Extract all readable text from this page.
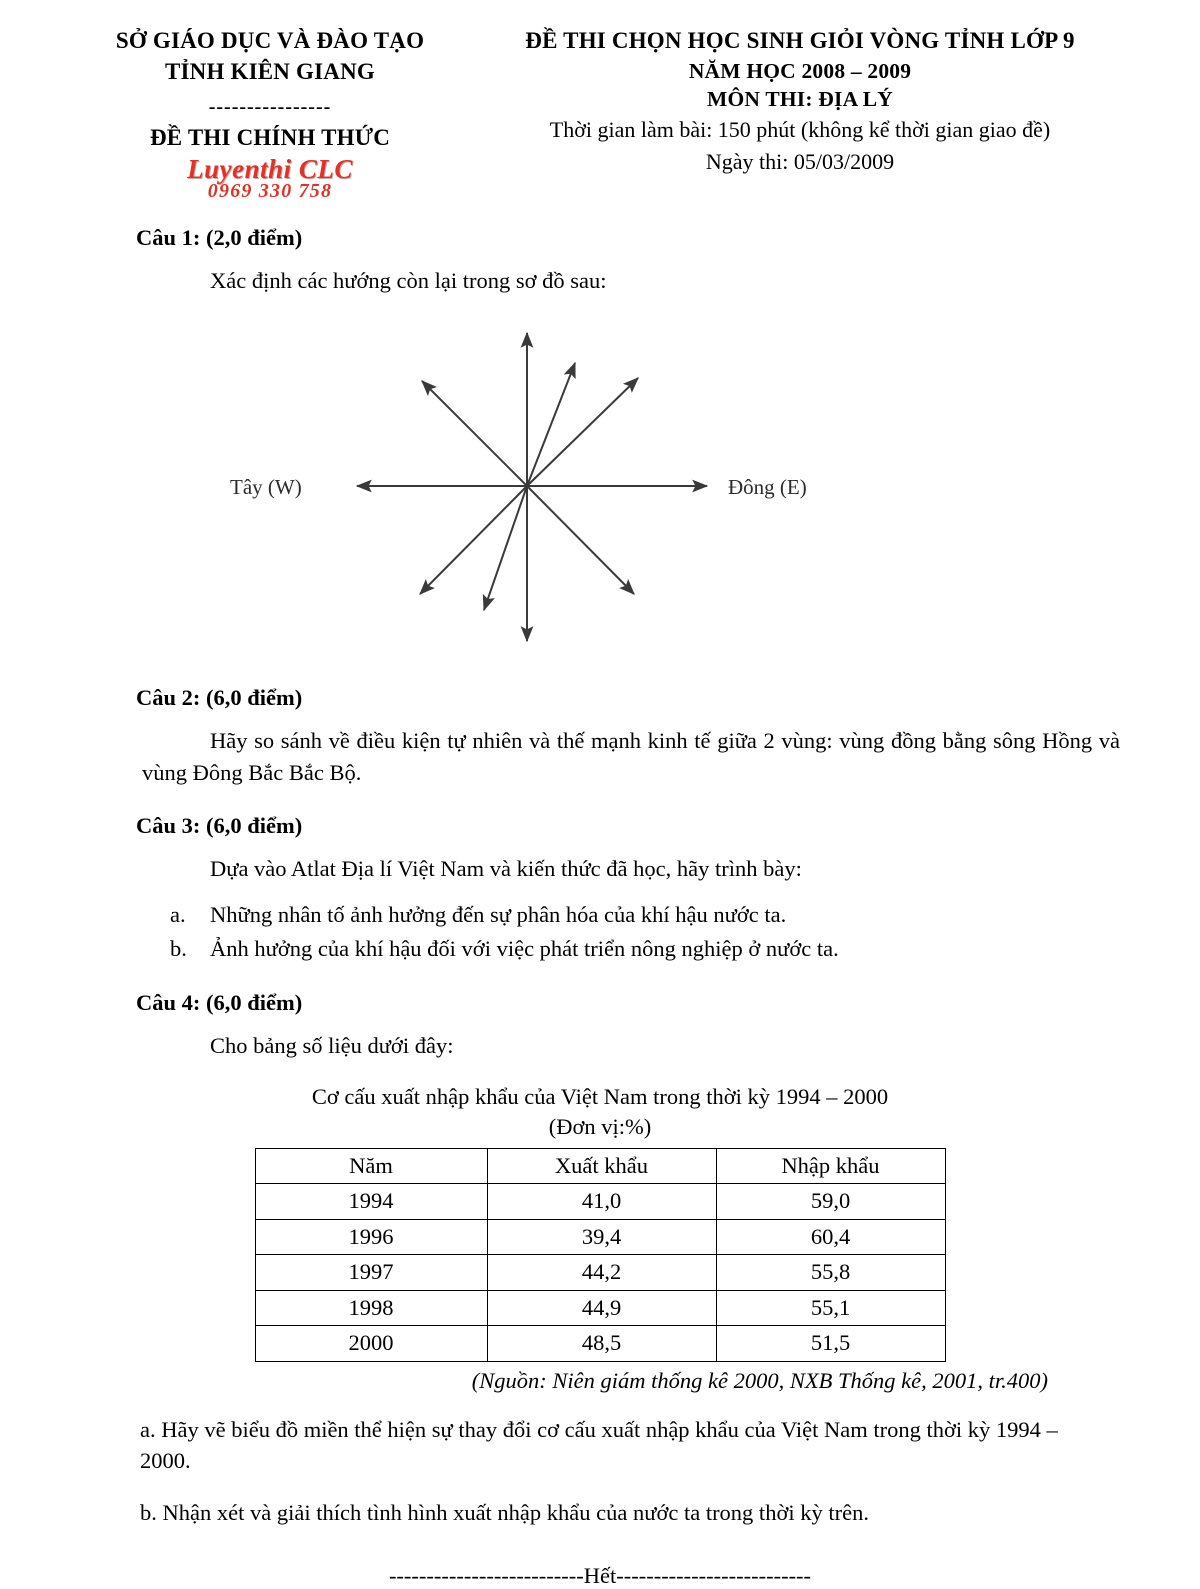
SỞ GIÁO DỤC VÀ ĐÀO TẠO
TỈNH KIÊN GIANG
----------------
ĐỀ THI CHÍNH THỨC
Luyenthi CLC
0969 330 758
ĐỀ THI CHỌN HỌC SINH GIỎI VÒNG TỈNH LỚP 9
NĂM HỌC 2008 – 2009
MÔN THI: ĐỊA LÝ
Thời gian làm bài: 150 phút (không kể thời gian giao đề)
Ngày thi: 05/03/2009
Câu 1: (2,0 điểm)
Xác định các hướng còn lại trong sơ đồ sau:
Tây (W)	Đông (E)
Câu 2: (6,0 điểm)
Hãy so sánh về điều kiện tự nhiên và thế mạnh kinh tế giữa 2 vùng: vùng đồng bằng sông Hồng và vùng Đông Bắc Bắc Bộ.
Câu 3: (6,0 điểm)
Dựa vào Atlat Địa lí Việt Nam và kiến thức đã học, hãy trình bày:
a.	Những nhân tố ảnh hưởng đến sự phân hóa của khí hậu nước ta.
b.	Ảnh hưởng của khí hậu đối với việc phát triển nông nghiệp ở nước ta.
Câu 4: (6,0 điểm)
Cho bảng số liệu dưới đây:
Cơ cấu xuất nhập khẩu của Việt Nam trong thời kỳ 1994 – 2000
(Đơn vị:%)
Năm	Xuất khẩu	Nhập khẩu
1994	41,0	59,0
1996	39,4	60,4
1997	44,2	55,8
1998	44,9	55,1
2000	48,5	51,5
(Nguồn: Niên giám thống kê 2000, NXB Thống kê, 2001, tr.400)
a. Hãy vẽ biểu đồ miền thể hiện sự thay đổi cơ cấu xuất nhập khẩu của Việt Nam trong thời kỳ 1994 – 2000.
b. Nhận xét và giải thích tình hình xuất nhập khẩu của nước ta trong thời kỳ trên.
--------------------------Hết--------------------------
